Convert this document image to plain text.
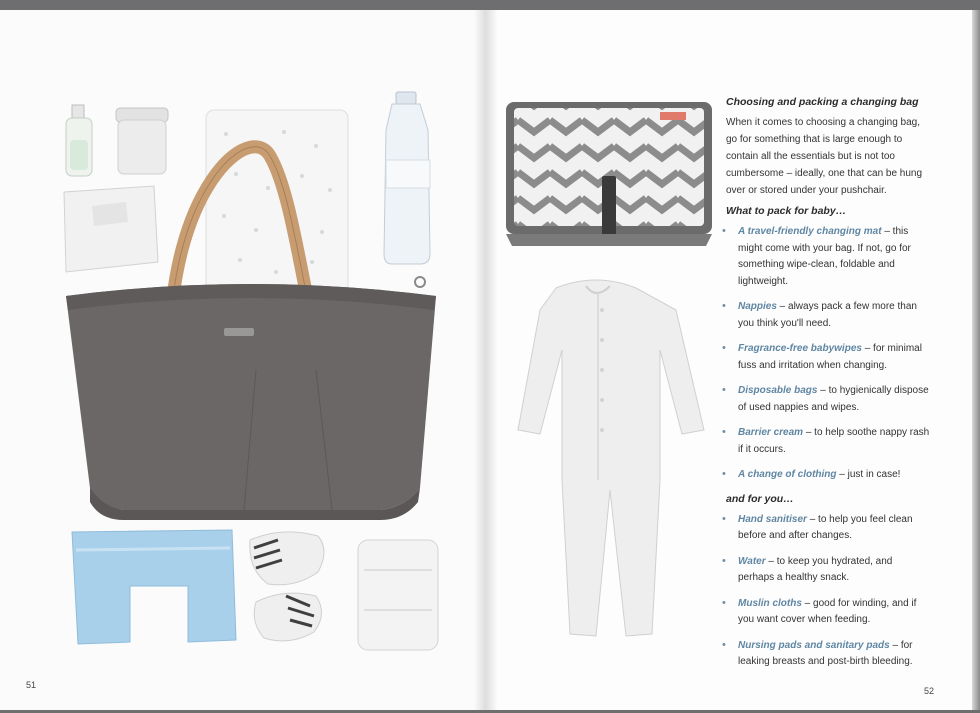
51
52
Choosing and packing a changing bag
When it comes to choosing a changing bag, go for something that is large enough to contain all the essentials but is not too cumbersome – ideally, one that can be hung over or stored under your pushchair.
What to pack for baby…
• A travel-friendly changing mat – this might come with your bag. If not, go for something wipe-clean, foldable and lightweight.
• Nappies – always pack a few more than you think you'll need.
• Fragrance-free babywipes – for minimal fuss and irritation when changing.
• Disposable bags – to hygienically dispose of used nappies and wipes.
• Barrier cream – to help soothe nappy rash if it occurs.
• A change of clothing – just in case!
and for you…
• Hand sanitiser – to help you feel clean before and after changes.
• Water – to keep you hydrated, and perhaps a healthy snack.
• Muslin cloths – good for winding, and if you want cover when feeding.
• Nursing pads and sanitary pads – for leaking breasts and post-birth bleeding.
